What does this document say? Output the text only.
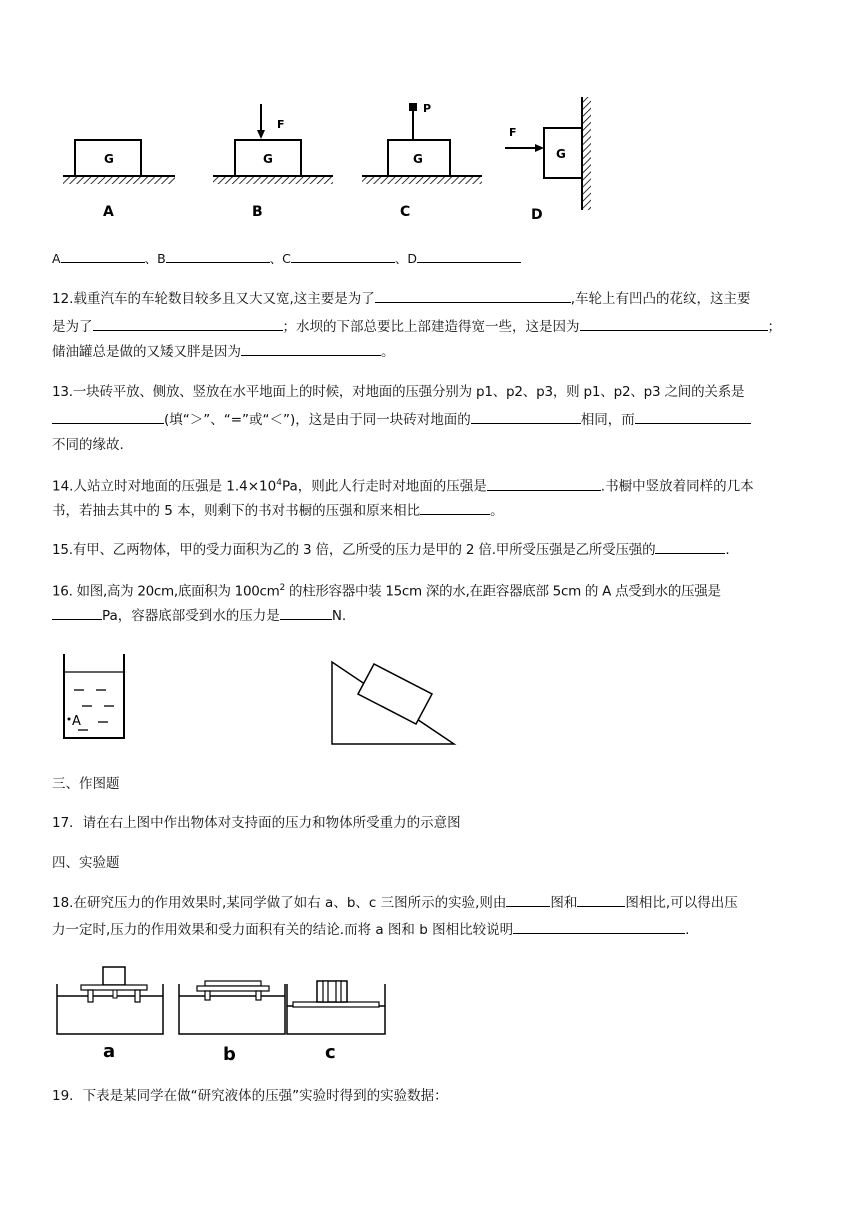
G
A
F
G
B
P
G
C
F
G
D
A	、B	、C	、D
12.载重汽车的车轮数目较多且又大又宽,这主要是为了	,车轮上有凹凸的花纹，这主要
是为了	；水坝的下部总要比上部建造得宽一些，这是因为	；
储油罐总是做的又矮又胖是因为	。
13.一块砖平放、侧放、竖放在水平地面上的时候，对地面的压强分别为 p1、p2、p3，则 p1、p2、p3 之间的关系是
(填“＞”、“=”或“＜”)，这是由于同一块砖对地面的	相同，而
不同的缘故.
14.人站立时对地面的压强是 $1.4\times 10^4Pa$，则此人行走时对地面的压强是	.书橱中竖放着同样的几本
书，若抽去其中的 5 本，则剩下的书对书橱的压强和原来相比	。
15.有甲、乙两物体，甲的受力面积为乙的 3 倍，乙所受的压力是甲的 2 倍.甲所受压强是乙所受压强的	.
16. 如图,高为 20cm,底面积为 $100cm^2$ 的柱形容器中装 15cm 深的水,在距容器底部 5cm 的 A 点受到水的压强是
Pa，容器底部受到水的压力是	N.
A
三、作图题
17．请在右上图中作出物体对支持面的压力和物体所受重力的示意图
四、实验题
18.在研究压力的作用效果时,某同学做了如右 a、b、c 三图所示的实验,则由	图和	图相比,可以得出压
力一定时,压力的作用效果和受力面积有关的结论.而将 a 图和 b 图相比较说明	.
a	b	c
19．下表是某同学在做“研究液体的压强”实验时得到的实验数据：
